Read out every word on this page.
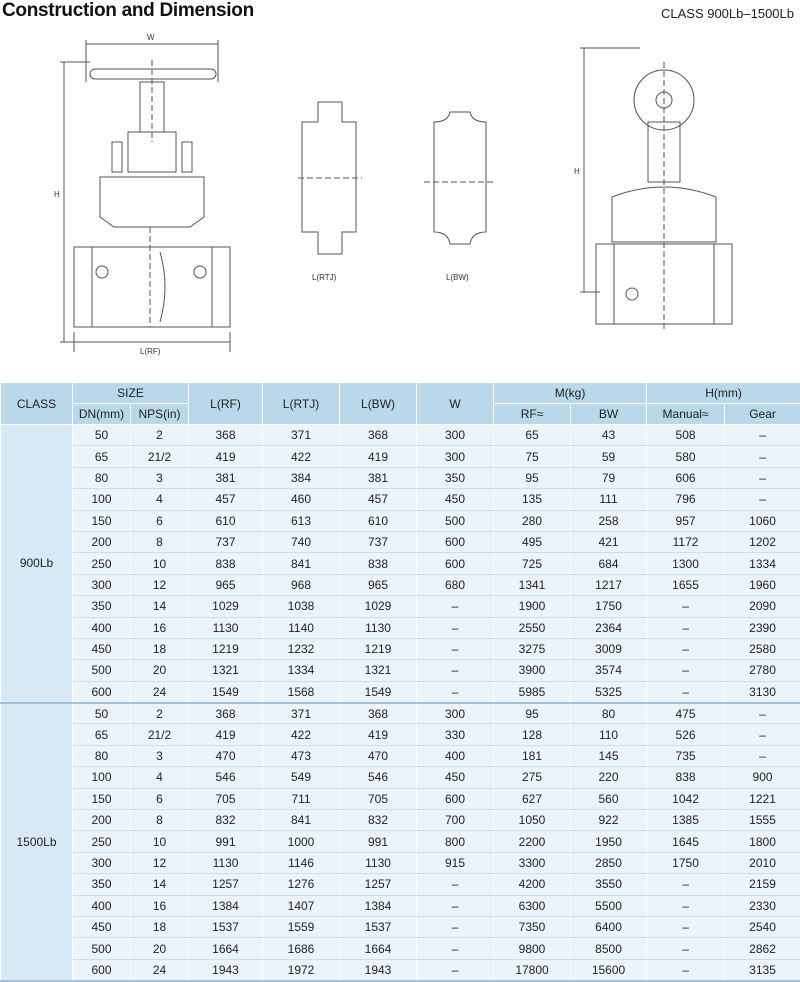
Construction and Dimension	CLASS 900Lb–1500Lb
W
H
H
L(RF)
L(RTJ)	L(BW)
CLASS	SIZE		L(RF)	L(RTJ)	L(BW)	W	M(kg)		H(mm)	
	DN(mm)	NPS(in)					RF≈	BW	Manual≈	Gear
900Lb	50	2	368	371	368	300	65	43	508	–
	65	21/2	419	422	419	300	75	59	580	–
	80	3	381	384	381	350	95	79	606	–
	100	4	457	460	457	450	135	111	796	–
	150	6	610	613	610	500	280	258	957	1060
	200	8	737	740	737	600	495	421	1172	1202
	250	10	838	841	838	600	725	684	1300	1334
	300	12	965	968	965	680	1341	1217	1655	1960
	350	14	1029	1038	1029	–	1900	1750	–	2090
	400	16	1130	1140	1130	–	2550	2364	–	2390
	450	18	1219	1232	1219	–	3275	3009	–	2580
	500	20	1321	1334	1321	–	3900	3574	–	2780
	600	24	1549	1568	1549	–	5985	5325	–	3130
1500Lb	50	2	368	371	368	300	95	80	475	–
	65	21/2	419	422	419	330	128	110	526	–
	80	3	470	473	470	400	181	145	735	–
	100	4	546	549	546	450	275	220	838	900
	150	6	705	711	705	600	627	560	1042	1221
	200	8	832	841	832	700	1050	922	1385	1555
	250	10	991	1000	991	800	2200	1950	1645	1800
	300	12	1130	1146	1130	915	3300	2850	1750	2010
	350	14	1257	1276	1257	–	4200	3550	–	2159
	400	16	1384	1407	1384	–	6300	5500	–	2330
	450	18	1537	1559	1537	–	7350	6400	–	2540
	500	20	1664	1686	1664	–	9800	8500	–	2862
	600	24	1943	1972	1943	–	17800	15600	–	3135
